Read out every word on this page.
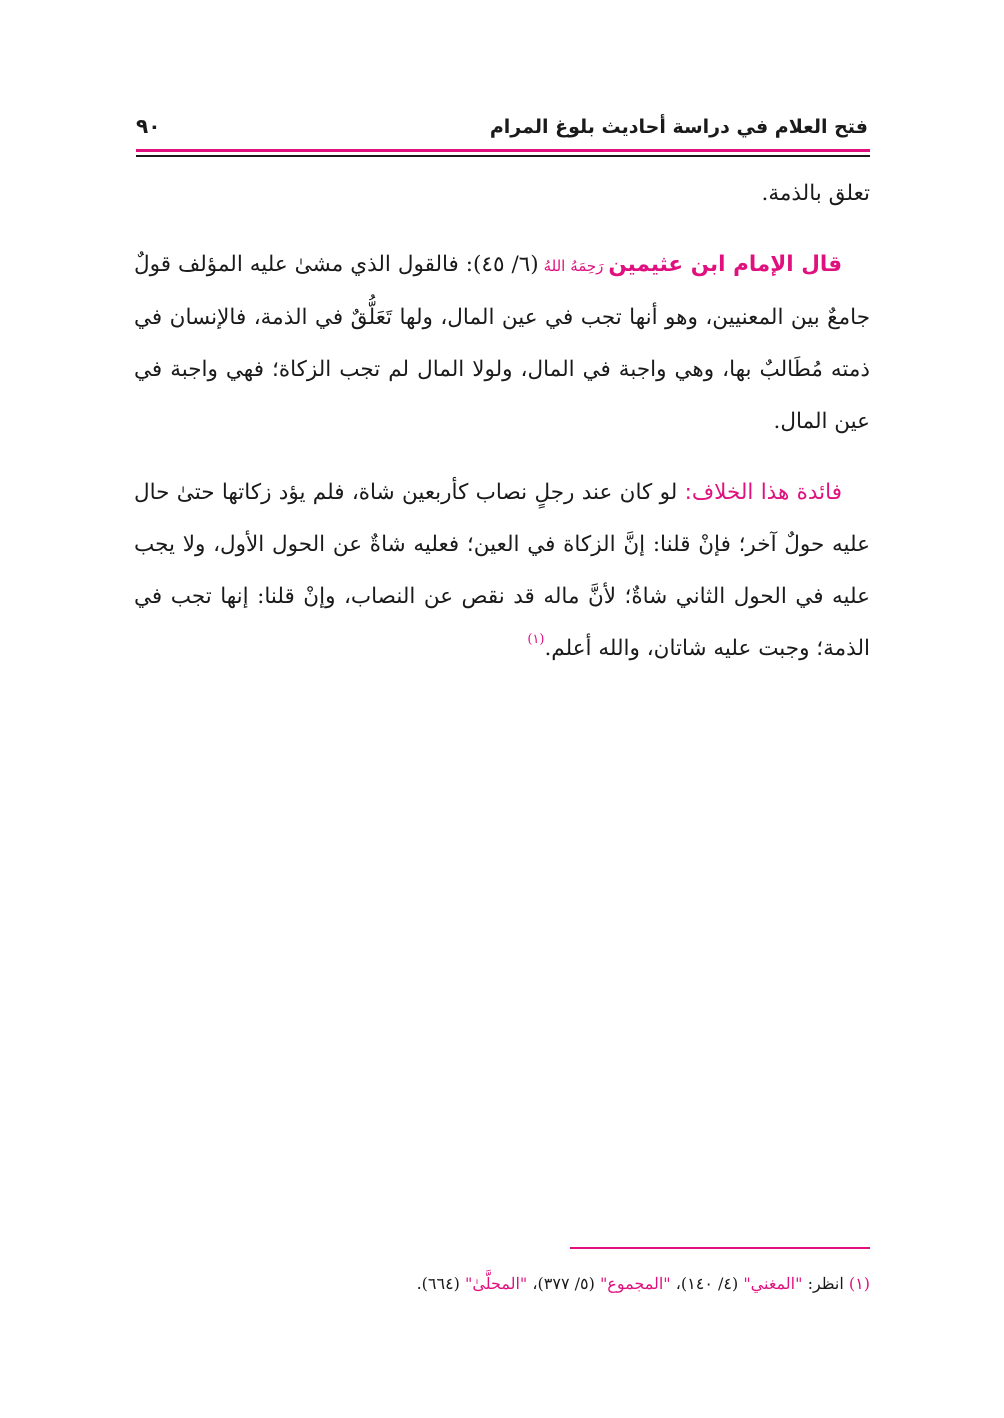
فتح العلام في دراسة أحاديث بلوغ المرام
٩٠

تعلق بالذمة.

قال الإمام ابن عثيمين رَحِمَهُ اللهُ (٦/ ٤٥): فالقول الذي مشىٰ عليه المؤلف قولٌ جامعٌ بين المعنيين، وهو أنها تجب في عين المال، ولها تَعَلُّقٌ في الذمة، فالإنسان في ذمته مُطَالبٌ بها، وهي واجبة في المال، ولولا المال لم تجب الزكاة؛ فهي واجبة في عين المال.

فائدة هذا الخلاف: لو كان عند رجلٍ نصاب كأربعين شاة، فلم يؤد زكاتها حتىٰ حال عليه حولٌ آخر؛ فإنْ قلنا: إنَّ الزكاة في العين؛ فعليه شاةٌ عن الحول الأول، ولا يجب عليه في الحول الثاني شاةٌ؛ لأنَّ ماله قد نقص عن النصاب، وإنْ قلنا: إنها تجب في الذمة؛ وجبت عليه شاتان، والله أعلم.$^{(١)}$

(١) انظر: "المغني" (٤/ ١٤٠)، "المجموع" (٥/ ٣٧٧)، "المحلَّىٰ" (٦٦٤).
